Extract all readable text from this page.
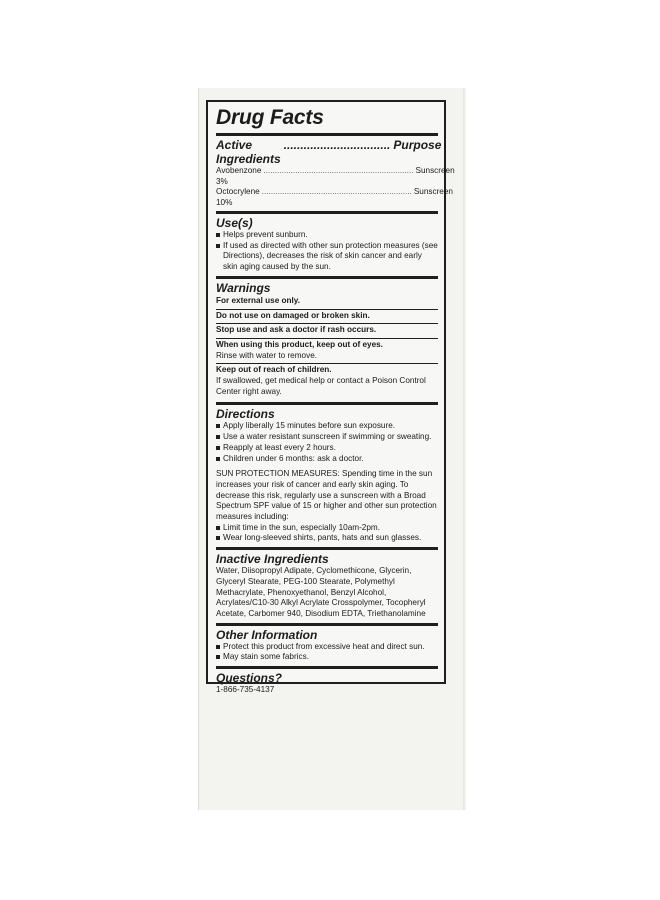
Drug Facts
Active Ingredients
................................ Purpose
Avobenzone 3%
.................................................................. Sunscreen
Octocrylene 10%
.................................................................. Sunscreen
Use(s)
Helps prevent sunburn.
If used as directed with other sun protection measures (see Directions), decreases the risk of skin cancer and early skin aging caused by the sun.
Warnings
For external use only.
Do not use on damaged or broken skin.
Stop use and ask a doctor if rash occurs.
When using this product, keep out of eyes.
Rinse with water to remove.
Keep out of reach of children.
If swallowed, get medical help or contact a Poison Control Center right away.
Directions
Apply liberally 15 minutes before sun exposure.
Use a water resistant sunscreen if swimming or sweating.
Reapply at least every 2 hours.
Children under 6 months: ask a doctor.
SUN PROTECTION MEASURES: Spending time in the sun increases your risk of cancer and early skin aging. To decrease this risk, regularly use a sunscreen with a Broad Spectrum SPF value of 15 or higher and other sun protection measures including:
Limit time in the sun, especially 10am-2pm.
Wear long-sleeved shirts, pants, hats and sun glasses.
Inactive Ingredients
Water, Diisopropyl Adipate, Cyclomethicone, Glycerin, Glyceryl Stearate, PEG-100 Stearate, Polymethyl Methacrylate, Phenoxyethanol, Benzyl Alcohol, Acrylates/C10-30 Alkyl Acrylate Crosspolymer, Tocopheryl Acetate, Carbomer 940, Disodium EDTA, Triethanolamine
Other Information
Protect this product from excessive heat and direct sun.
May stain some fabrics.
Questions?
1-866-735-4137
